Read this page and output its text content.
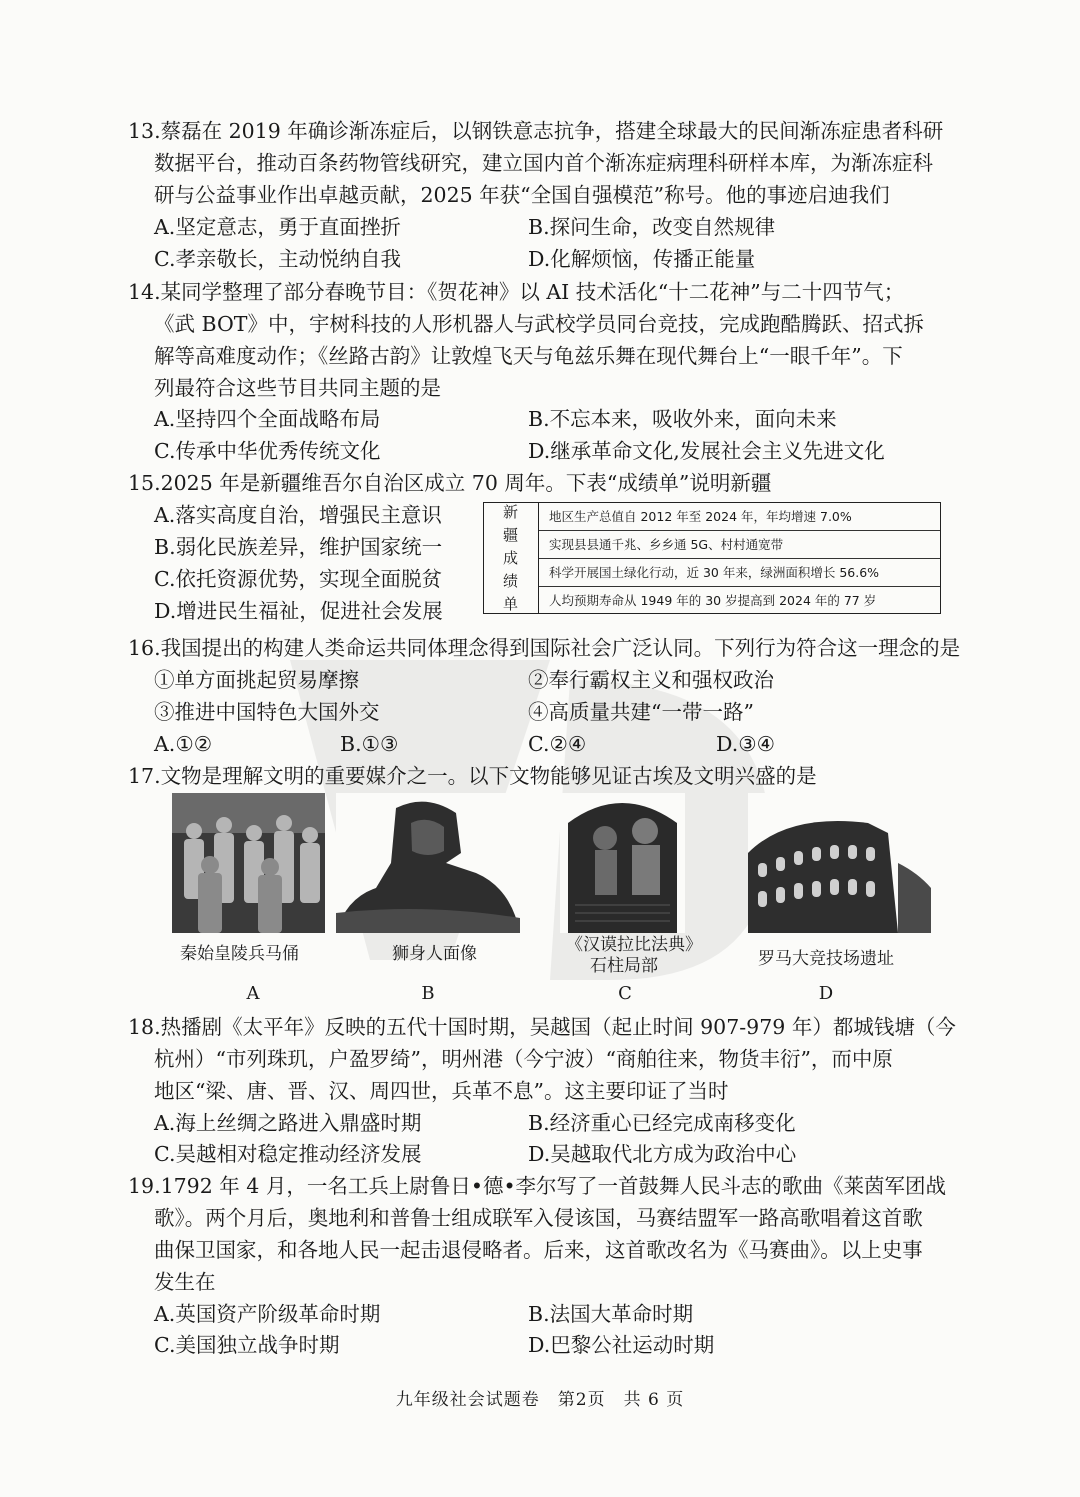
13.蔡磊在 2019 年确诊渐冻症后，以钢铁意志抗争，搭建全球最大的民间渐冻症患者科研
数据平台，推动百条药物管线研究，建立国内首个渐冻症病理科研样本库，为渐冻症科
研与公益事业作出卓越贡献，2025 年获“全国自强模范”称号。他的事迹启迪我们
A.坚定意志，勇于直面挫折	B.探问生命，改变自然规律
C.孝亲敬长，主动悦纳自我	D.化解烦恼，传播正能量
14.某同学整理了部分春晚节目：《贺花神》以 AI 技术活化“十二花神”与二十四节气；
《武 BOT》中，宇树科技的人形机器人与武校学员同台竞技，完成跑酷腾跃、招式拆
解等高难度动作；《丝路古韵》让敦煌飞天与龟兹乐舞在现代舞台上“一眼千年”。下
列最符合这些节目共同主题的是
A.坚持四个全面战略布局	B.不忘本来，吸收外来，面向未来
C.传承中华优秀传统文化	D.继承革命文化,发展社会主义先进文化
15.2025 年是新疆维吾尔自治区成立 70 周年。下表“成绩单”说明新疆
A.落实高度自治，增强民主意识
B.弱化民族差异，维护国家统一
C.依托资源优势，实现全面脱贫
D.增进民生福祉，促进社会发展
新
疆
成
绩
单
地区生产总值自 2012 年至 2024 年，年均增速 7.0%
实现县县通千兆、乡乡通 5G、村村通宽带
科学开展国土绿化行动，近 30 年来，绿洲面积增长 56.6%
人均预期寿命从 1949 年的 30 岁提高到 2024 年的 77 岁
16.我国提出的构建人类命运共同体理念得到国际社会广泛认同。下列行为符合这一理念的是
①单方面挑起贸易摩擦	②奉行霸权主义和强权政治
③推进中国特色大国外交	④高质量共建“一带一路”
A.①②	B.①③	C.②④	D.③④
17.文物是理解文明的重要媒介之一。以下文物能够见证古埃及文明兴盛的是
秦始皇陵兵马俑	狮身人面像	《汉谟拉比法典》
石柱局部	罗马大竞技场遗址
A	B	C	D
18.热播剧《太平年》反映的五代十国时期，吴越国（起止时间 907-979 年）都城钱塘（今
杭州）“市列珠玑，户盈罗绮”，明州港（今宁波）“商舶往来，物货丰衍”，而中原
地区“梁、唐、晋、汉、周四世，兵革不息”。这主要印证了当时
A.海上丝绸之路进入鼎盛时期	B.经济重心已经完成南移变化
C.吴越相对稳定推动经济发展	D.吴越取代北方成为政治中心
19.1792 年 4 月，一名工兵上尉鲁日•德•李尔写了一首鼓舞人民斗志的歌曲《莱茵军团战
歌》。两个月后，奥地利和普鲁士组成联军入侵该国，马赛结盟军一路高歌唱着这首歌
曲保卫国家，和各地人民一起击退侵略者。后来，这首歌改名为《马赛曲》。以上史事
发生在
A.英国资产阶级革命时期	B.法国大革命时期
C.美国独立战争时期	D.巴黎公社运动时期
九年级社会试题卷　第2页　共 6 页
